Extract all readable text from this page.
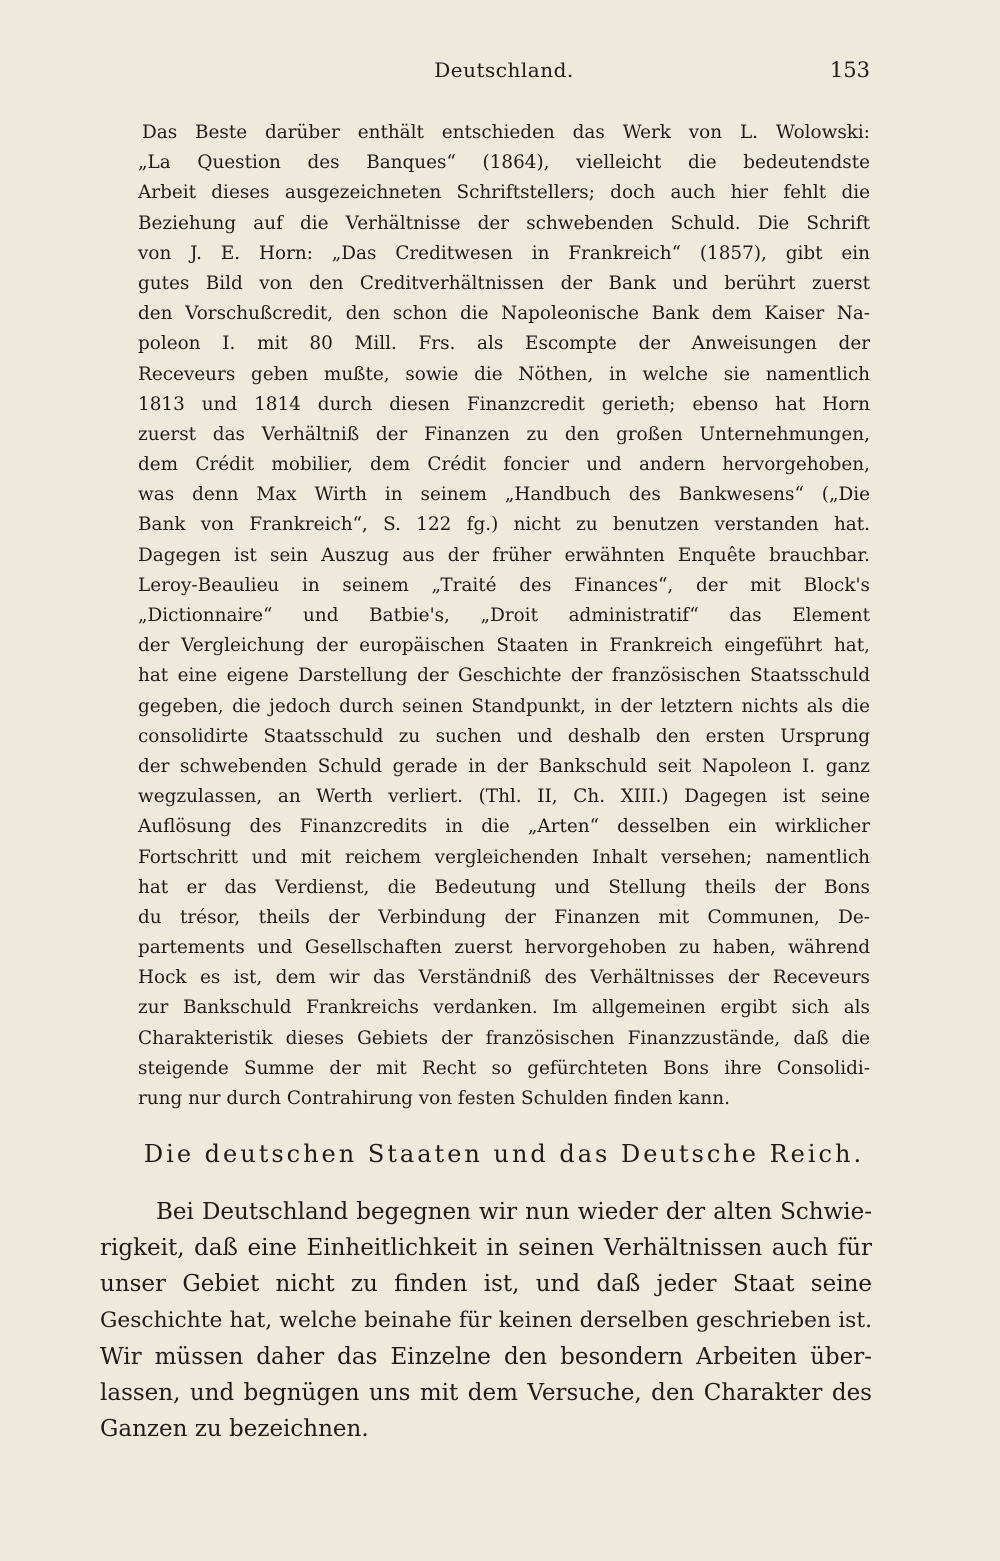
Deutschland.	153
Das Beste darüber enthält entschieden das Werk von L. Wolowski:
„La Question des Banques“ (1864), vielleicht die bedeutendste
Arbeit dieses ausgezeichneten Schriftstellers; doch auch hier fehlt die
Beziehung auf die Verhältnisse der schwebenden Schuld. Die Schrift
von J. E. Horn: „Das Creditwesen in Frankreich“ (1857), gibt ein
gutes Bild von den Creditverhältnissen der Bank und berührt zuerst
den Vorschußcredit, den schon die Napoleonische Bank dem Kaiser Na-
poleon I. mit 80 Mill. Frs. als Escompte der Anweisungen der
Receveurs geben mußte, sowie die Nöthen, in welche sie namentlich
1813 und 1814 durch diesen Finanzcredit gerieth; ebenso hat Horn
zuerst das Verhältniß der Finanzen zu den großen Unternehmungen,
dem Crédit mobilier, dem Crédit foncier und andern hervorgehoben,
was denn Max Wirth in seinem „Handbuch des Bankwesens“ („Die
Bank von Frankreich“, S. 122 fg.) nicht zu benutzen verstanden hat.
Dagegen ist sein Auszug aus der früher erwähnten Enquête brauchbar.
Leroy-Beaulieu in seinem „Traité des Finances“, der mit Block's
„Dictionnaire“ und Batbie's, „Droit administratif“ das Element
der Vergleichung der europäischen Staaten in Frankreich eingeführt hat,
hat eine eigene Darstellung der Geschichte der französischen Staatsschuld
gegeben, die jedoch durch seinen Standpunkt, in der letztern nichts als die
consolidirte Staatsschuld zu suchen und deshalb den ersten Ursprung
der schwebenden Schuld gerade in der Bankschuld seit Napoleon I. ganz
wegzulassen, an Werth verliert. (Thl. II, Ch. XIII.) Dagegen ist seine
Auflösung des Finanzcredits in die „Arten“ desselben ein wirklicher
Fortschritt und mit reichem vergleichenden Inhalt versehen; namentlich
hat er das Verdienst, die Bedeutung und Stellung theils der Bons
du trésor, theils der Verbindung der Finanzen mit Communen, De-
partements und Gesellschaften zuerst hervorgehoben zu haben, während
Hock es ist, dem wir das Verständniß des Verhältnisses der Receveurs
zur Bankschuld Frankreichs verdanken. Im allgemeinen ergibt sich als
Charakteristik dieses Gebiets der französischen Finanzzustände, daß die
steigende Summe der mit Recht so gefürchteten Bons ihre Consolidi-
rung nur durch Contrahirung von festen Schulden finden kann.
Die deutschen Staaten und das Deutsche Reich.
Bei Deutschland begegnen wir nun wieder der alten Schwie-
rigkeit, daß eine Einheitlichkeit in seinen Verhältnissen auch für
unser Gebiet nicht zu finden ist, und daß jeder Staat seine
Geschichte hat, welche beinahe für keinen derselben geschrieben ist.
Wir müssen daher das Einzelne den besondern Arbeiten über-
lassen, und begnügen uns mit dem Versuche, den Charakter des
Ganzen zu bezeichnen.
